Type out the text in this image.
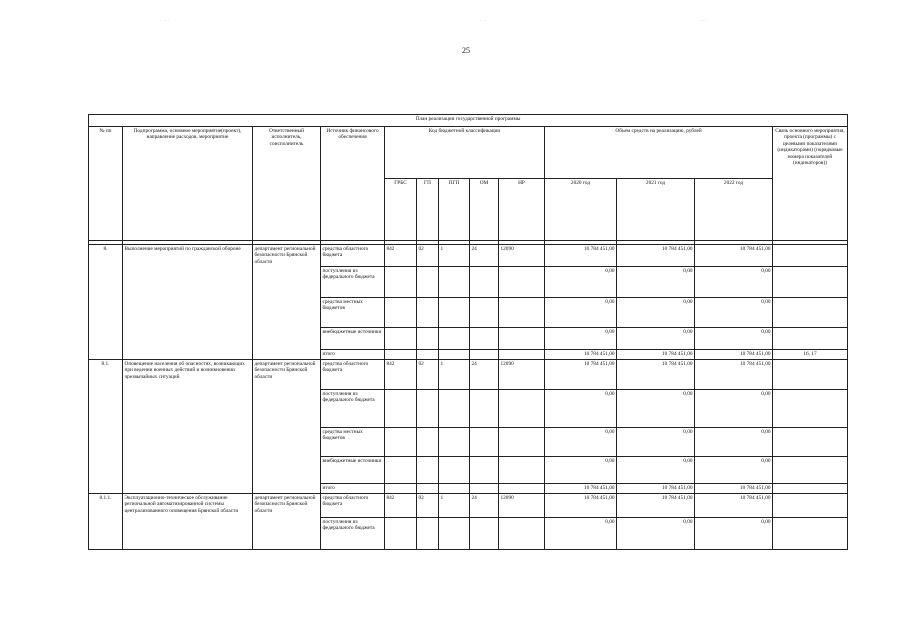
25
План реализации государственной программы												
№ пп	Подпрограмма, основное мероприятие(проект), направление расходов, мероприятие	Ответственный исполнитель, соисполнитель	Источник финансового обеспечения	Код бюджетной классификации					Объем средств на реализацию, рублей			Связь основного мероприятия, проекта (программы) с целевыми показателями (индикаторами) (порядковые номера показателей (индикаторов))
				ГРБС	ГП	ПГП	ОМ	НР	2020 год	2021 год	2022 год	

8.	Выполнение мероприятий по гражданской обороне	департамент региональной безопасности Брянской области	средства областного бюджета	842	02	1	24	12090	10 784 451,00	10 784 451,00	10 784 451,00	
			поступления из федерального бюджета						0,00	0,00	0,00	
			средства местных бюджетов						0,00	0,00	0,00	
			внебюджетные источники						0,00	0,00	0,00	
			итого						10 784 451,00	10 784 451,00	10 784 451,00	16, 17
8.1.	Оповещение населения об опасностях, возникающих при ведении военных действий и возникновении чрезвычайных ситуаций	департамент региональной безопасности Брянской области	средства областного бюджета	842	02	1	24	12090	10 784 451,00	10 784 451,00	10 784 451,00	
			поступления из федерального бюджета						0,00	0,00	0,00	
			средства местных бюджетов						0,00	0,00	0,00	
			внебюджетные источники						0,00	0,00	0,00	
			итого						10 784 451,00	10 784 451,00	10 784 451,00	
8.1.1.	Эксплуатационно-техническое обслуживание региональной автоматизированной системы централизованного оповещения Брянской области	департамент региональной безопасности Брянской области	средства областного бюджета	842	02	1	24	12090	10 784 451,00	10 784 451,00	10 784 451,00	
			поступления из федерального бюджета						0,00	0,00	0,00	
. . . .	. . .	. . .
